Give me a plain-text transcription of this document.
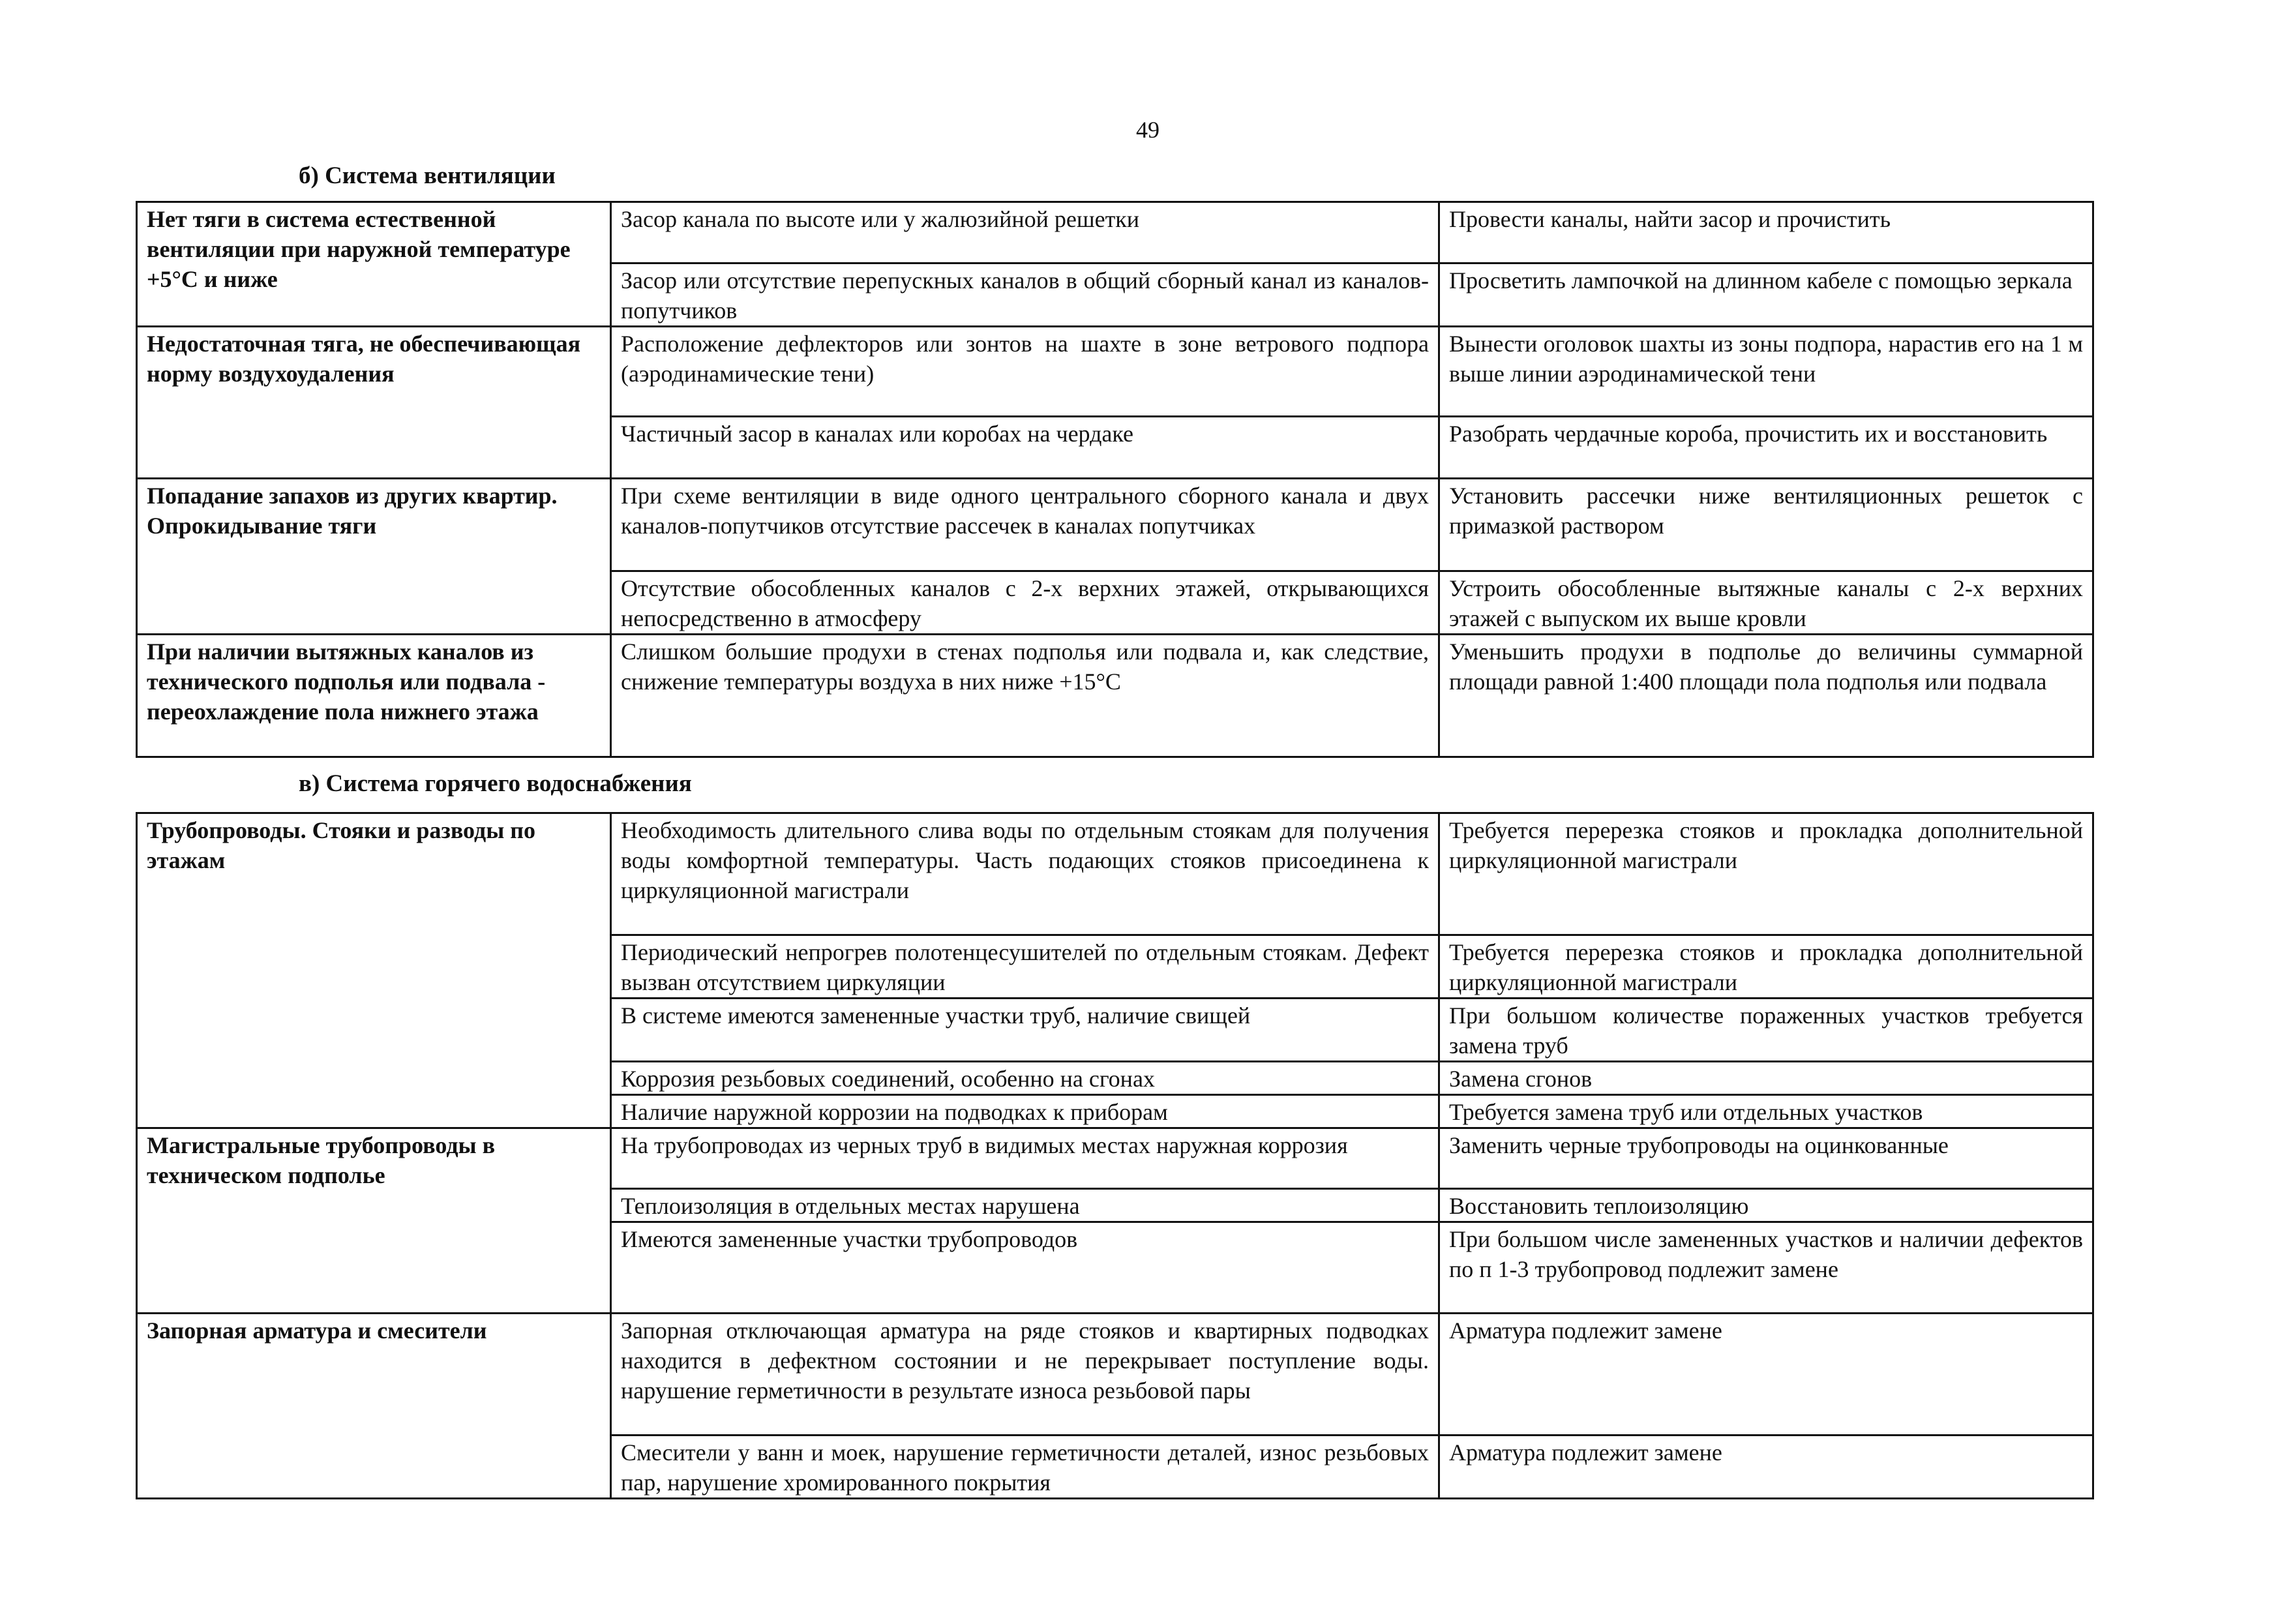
49
б) Система вентиляции
Нет тяги в система естественной вентиляции при наружной температуре +5°С и ниже	Засор канала по высоте или у жалюзийной решетки	Провести каналы, найти засор и прочистить
	Засор или отсутствие перепускных каналов в общий сборный канал из каналов-попутчиков	Просветить лампочкой на длинном кабеле с помощью зеркала
Недостаточная тяга, не обеспечивающая норму воздухоудаления	Расположение дефлекторов или зонтов на шахте в зоне ветрового подпора (аэродинамические тени)	Вынести оголовок шахты из зоны подпора, нарастив его на 1 м выше линии аэродинамической тени
	Частичный засор в каналах или коробах на чердаке	Разобрать чердачные короба, прочистить их и восстановить
Попадание запахов из других квартир. Опрокидывание тяги	При схеме вентиляции в виде одного центрального сборного канала и двух каналов-попутчиков отсутствие рассечек в каналах попутчиках	Установить рассечки ниже вентиляционных решеток с примазкой раствором
	Отсутствие обособленных каналов с 2-х верхних этажей, открывающихся непосредственно в атмосферу	Устроить обособленные вытяжные каналы с 2-х верхних этажей с выпуском их выше кровли
При наличии вытяжных каналов из технического подполья или подвала - переохлаждение пола нижнего этажа	Слишком большие продухи в стенах подполья или подвала и, как следствие, снижение температуры воздуха в них ниже +15°С	Уменьшить продухи в подполье до величины суммарной площади равной 1:400 площади пола подполья или подвала
в) Система горячего водоснабжения
Трубопроводы. Стояки и разводы по этажам	Необходимость длительного слива воды по отдельным стоякам для получения воды комфортной температуры. Часть подающих стояков присоединена к циркуляционной магистрали	Требуется перерезка стояков и прокладка дополнительной циркуляционной магистрали
	Периодический непрогрев полотенцесушителей по отдельным стоякам. Дефект вызван отсутствием циркуляции	Требуется перерезка стояков и прокладка дополнительной циркуляционной магистрали
	В системе имеются замененные участки труб, наличие свищей	При большом количестве пораженных участков требуется замена труб
	Коррозия резьбовых соединений, особенно на сгонах	Замена сгонов
	Наличие наружной коррозии на подводках к приборам	Требуется замена труб или отдельных участков
Магистральные трубопроводы в техническом подполье	На трубопроводах из черных труб в видимых местах наружная коррозия	Заменить черные трубопроводы на оцинкованные
	Теплоизоляция в отдельных местах нарушена	Восстановить теплоизоляцию
	Имеются замененные участки трубопроводов	При большом числе замененных участков и наличии дефектов по п 1-3 трубопровод подлежит замене
Запорная арматура и смесители	Запорная отключающая арматура на ряде стояков и квартирных подводках находится в дефектном состоянии и не перекрывает поступление воды. нарушение герметичности в результате износа резьбовой пары	Арматура подлежит замене
	Смесители у ванн и моек, нарушение герметичности деталей, износ резьбовых пар, нарушение хромированного покрытия	Арматура подлежит замене
